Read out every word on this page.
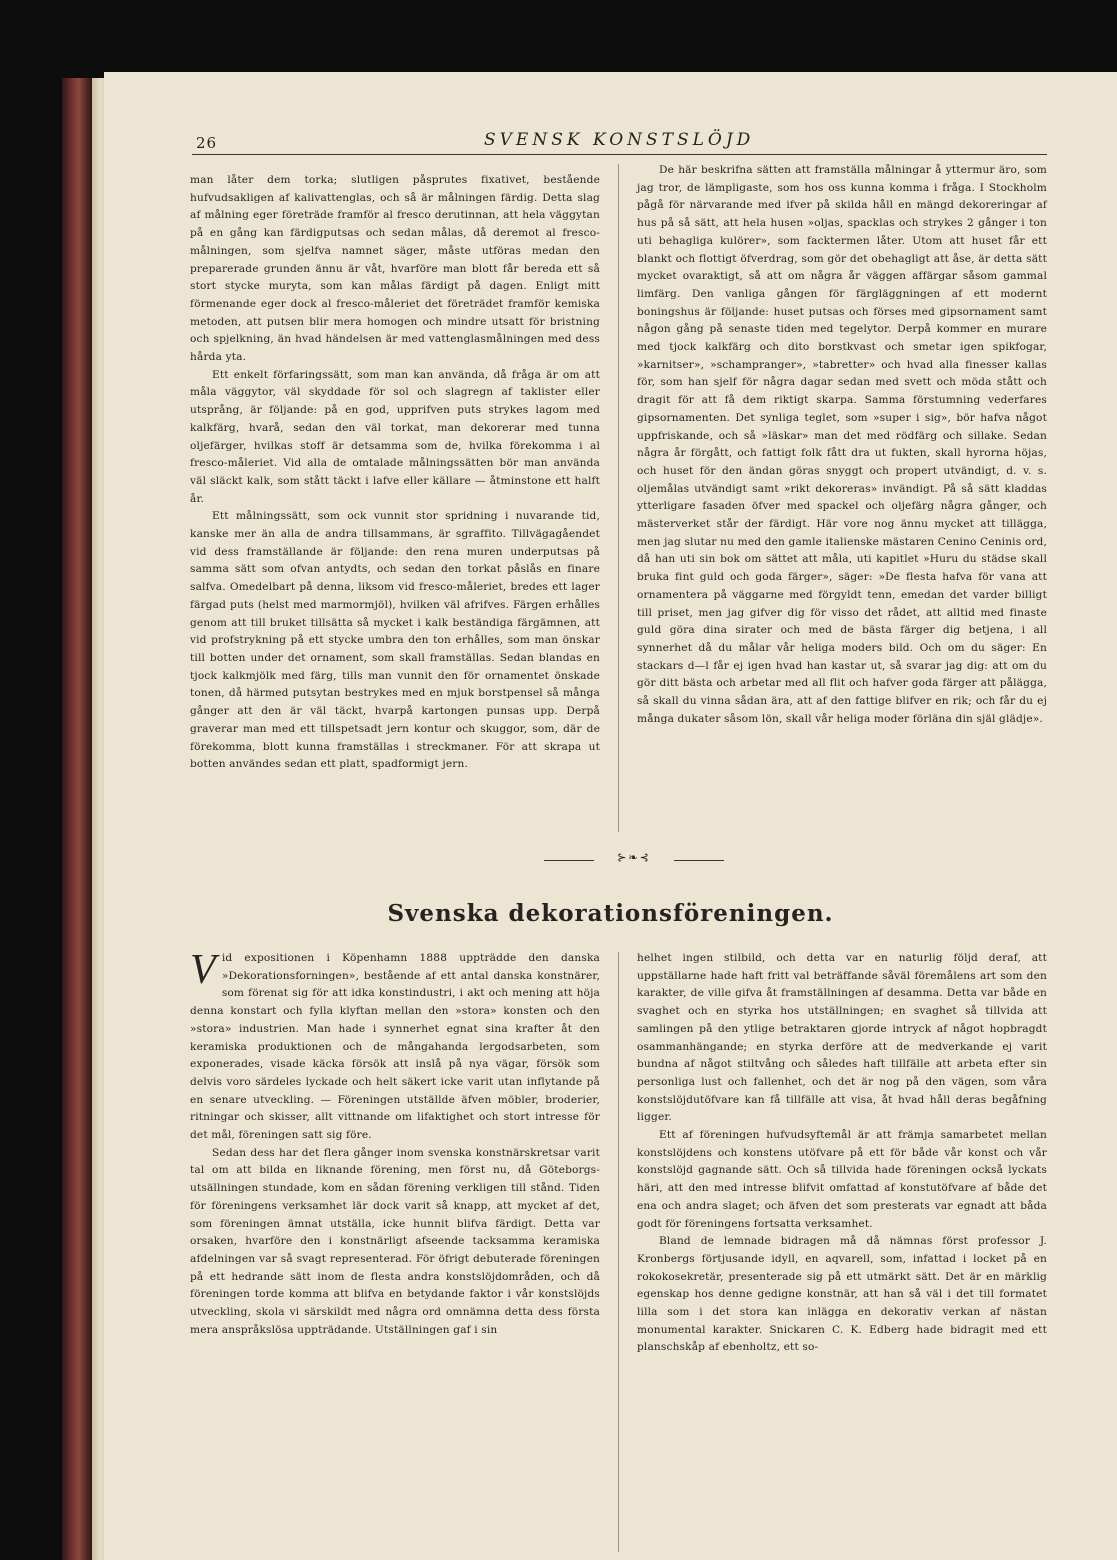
26	SVENSK KONSTSLÖJD

man låter dem torka; slutligen påsprutes fixativet, bestående hufvudsakligen af kalivattenglas, och så är målningen färdig. Detta slag af målning eger företräde framför al fresco derutinnan, att hela väggytan på en gång kan färdigputsas och sedan målas, då deremot al fresco-målningen, som sjelfva namnet säger, måste utföras medan den preparerade grunden ännu är våt, hvarföre man blott får bereda ett så stort stycke muryta, som kan målas färdigt på dagen. Enligt mitt förmenande eger dock al fresco-måleriet det företrädet framför kemiska metoden, att putsen blir mera homogen och mindre utsatt för bristning och spjelkning, än hvad händelsen är med vattenglasmålningen med dess hårda yta.

Ett enkelt förfaringssätt, som man kan använda, då fråga är om att måla väggytor, väl skyddade för sol och slagregn af taklister eller utsprång, är följande: på en god, upprifven puts strykes lagom med kalkfärg, hvarå, sedan den väl torkat, man dekorerar med tunna oljefärger, hvilkas stoff är detsamma som de, hvilka förekomma i al fresco-måleriet. Vid alla de omtalade målningssätten bör man använda väl släckt kalk, som stått täckt i lafve eller källare — åtminstone ett halft år.

Ett målningssätt, som ock vunnit stor spridning i nuvarande tid, kanske mer än alla de andra tillsammans, är sgraffito. Tillvägagåendet vid dess framställande är följande: den rena muren underputsas på samma sätt som ofvan antydts, och sedan den torkat påslås en finare salfva. Omedelbart på denna, liksom vid fresco-måleriet, bredes ett lager färgad puts (helst med marmormjöl), hvilken väl afrifves. Färgen erhålles genom att till bruket tillsätta så mycket i kalk beständiga färgämnen, att vid profstrykning på ett stycke umbra den ton erhålles, som man önskar till botten under det ornament, som skall framställas. Sedan blandas en tjock kalkmjölk med färg, tills man vunnit den för ornamentet önskade tonen, då härmed putsytan bestrykes med en mjuk borstpensel så många gånger att den är väl täckt, hvarpå kartongen punsas upp. Derpå graverar man med ett tillspetsadt jern kontur och skuggor, som, där de förekomma, blott kunna framställas i streckmaner. För att skrapa ut botten användes sedan ett platt, spadformigt jern.

De här beskrifna sätten att framställa målningar å yttermur äro, som jag tror, de lämpligaste, som hos oss kunna komma i fråga. I Stockholm pågå för närvarande med ifver på skilda håll en mängd dekoreringar af hus på så sätt, att hela husen »oljas, spacklas och strykes 2 gånger i ton uti behagliga kulörer», som facktermen låter. Utom att huset får ett blankt och flottigt öfverdrag, som gör det obehagligt att åse, är detta sätt mycket ovaraktigt, så att om några år väggen affärgar såsom gammal limfärg. Den vanliga gången för färgläggningen af ett modernt boningshus är följande: huset putsas och förses med gipsornament samt någon gång på senaste tiden med tegelytor. Derpå kommer en murare med tjock kalkfärg och dito borstkvast och smetar igen spikfogar, »karnitser», »schampranger», »tabretter» och hvad alla finesser kallas för, som han sjelf för några dagar sedan med svett och möda stått och dragit för att få dem riktigt skarpa. Samma förstumning vederfares gipsornamenten. Det synliga teglet, som »super i sig», bör hafva något uppfriskande, och så »läskar» man det med rödfärg och sillake. Sedan några år förgått, och fattigt folk fått dra ut fukten, skall hyrorna höjas, och huset för den ändan göras snyggt och propert utvändigt, d. v. s. oljemålas utvändigt samt »rikt dekoreras» invändigt. På så sätt kladdas ytterligare fasaden öfver med spackel och oljefärg några gånger, och mästerverket står der färdigt. Här vore nog ännu mycket att tillägga, men jag slutar nu med den gamle italienske mästaren Cenino Ceninis ord, då han uti sin bok om sättet att måla, uti kapitlet »Huru du städse skall bruka fint guld och goda färger», säger: »De flesta hafva för vana att ornamentera på väggarne med förgyldt tenn, emedan det varder billigt till priset, men jag gifver dig för visso det rådet, att alltid med finaste guld göra dina sirater och med de bästa färger dig betjena, i all synnerhet då du målar vår heliga moders bild. Och om du säger: En stackars d—l får ej igen hvad han kastar ut, så svarar jag dig: att om du gör ditt bästa och arbetar med all flit och hafver goda färger att pålägga, så skall du vinna sådan ära, att af den fattige blifver en rik; och får du ej många dukater såsom lön, skall vår heliga moder förläna din själ glädje».

⊱❧⊰
Svenska dekorationsföreningen.

Vid expositionen i Köpenhamn 1888 uppträdde den danska »Dekorationsforningen», bestående af ett antal danska konstnärer, som förenat sig för att idka konstindustri, i akt och mening att höja denna konstart och fylla klyftan mellan den »stora» konsten och den »stora» industrien. Man hade i synnerhet egnat sina krafter åt den keramiska produktionen och de mångahanda lergodsarbeten, som exponerades, visade käcka försök att inslå på nya vägar, försök som delvis voro särdeles lyckade och helt säkert icke varit utan inflytande på en senare utveckling. — Föreningen utställde äfven möbler, broderier, ritningar och skisser, allt vittnande om lifaktighet och stort intresse för det mål, föreningen satt sig före.

Sedan dess har det flera gånger inom svenska konstnärskretsar varit tal om att bilda en liknande förening, men först nu, då Göteborgs-utsällningen stundade, kom en sådan förening verkligen till stånd. Tiden för föreningens verksamhet lär dock varit så knapp, att mycket af det, som föreningen ämnat utställa, icke hunnit blifva färdigt. Detta var orsaken, hvarföre den i konstnärligt afseende tacksamma keramiska afdelningen var så svagt representerad. För öfrigt debuterade föreningen på ett hedrande sätt inom de flesta andra konstslöjdområden, och då föreningen torde komma att blifva en betydande faktor i vår konstslöjds utveckling, skola vi särskildt med några ord omnämna detta dess första mera anspråkslösa uppträdande. Utställningen gaf i sin

helhet ingen stilbild, och detta var en naturlig följd deraf, att uppställarne hade haft fritt val beträffande såväl föremålens art som den karakter, de ville gifva åt framställningen af desamma. Detta var både en svaghet och en styrka hos utställningen; en svaghet så tillvida att samlingen på den ytlige betraktaren gjorde intryck af något hopbragdt osammanhängande; en styrka derföre att de medverkande ej varit bundna af något stiltvång och således haft tillfälle att arbeta efter sin personliga lust och fallenhet, och det är nog på den vägen, som våra konstslöjdutöfvare kan få tillfälle att visa, åt hvad håll deras begåfning ligger.

Ett af föreningen hufvudsyftemål är att främja samarbetet mellan konstslöjdens och konstens utöfvare på ett för både vår konst och vår konstslöjd gagnande sätt. Och så tillvida hade föreningen också lyckats häri, att den med intresse blifvit omfattad af konstutöfvare af både det ena och andra slaget; och äfven det som presterats var egnadt att båda godt för föreningens fortsatta verksamhet.

Bland de lemnade bidragen må då nämnas först professor J. Kronbergs förtjusande idyll, en aqvarell, som, infattad i locket på en rokokosekretär, presenterade sig på ett utmärkt sätt. Det är en märklig egenskap hos denne gedigne konstnär, att han så väl i det till formatet lilla som i det stora kan inlägga en dekorativ verkan af nästan monumental karakter. Snickaren C. K. Edberg hade bidragit med ett planschskåp af ebenholtz, ett so-
